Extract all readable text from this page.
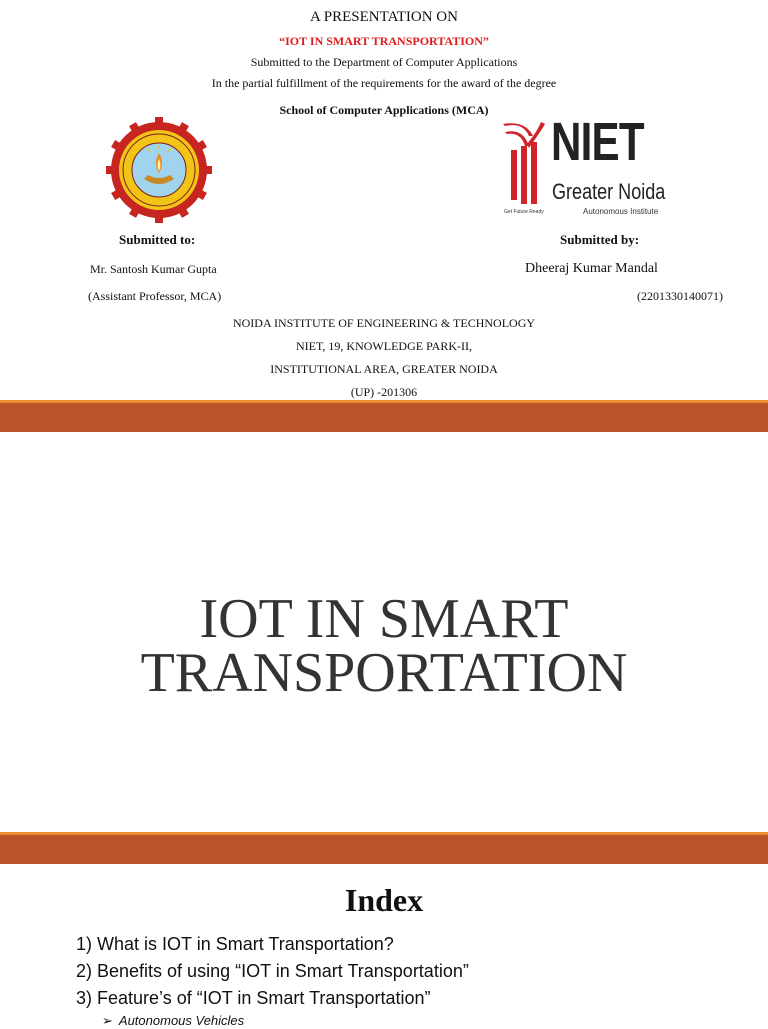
A PRESENTATION ON
“IOT IN SMART TRANSPORTATION”
Submitted to the Department of Computer Applications
In the partial fulfillment of the requirements for the award of the degree
School of Computer Applications (MCA)
NIET
Greater Noida
Autonomous Institute
Get Future Ready
Submitted to:	Submitted by:
Mr. Santosh Kumar Gupta
(Assistant Professor, MCA)
Dheeraj Kumar Mandal
(2201330140071)
NOIDA INSTITUTE OF ENGINEERING & TECHNOLOGY
NIET, 19, KNOWLEDGE PARK-II,
INSTITUTIONAL AREA, GREATER NOIDA
(UP) -201306
IOT IN SMART
TRANSPORTATION
Index
1) What is IOT in Smart Transportation?
2) Benefits of using “IOT in Smart Transportation”
3) Feature’s of “IOT in Smart Transportation”
➢ Autonomous Vehicles
